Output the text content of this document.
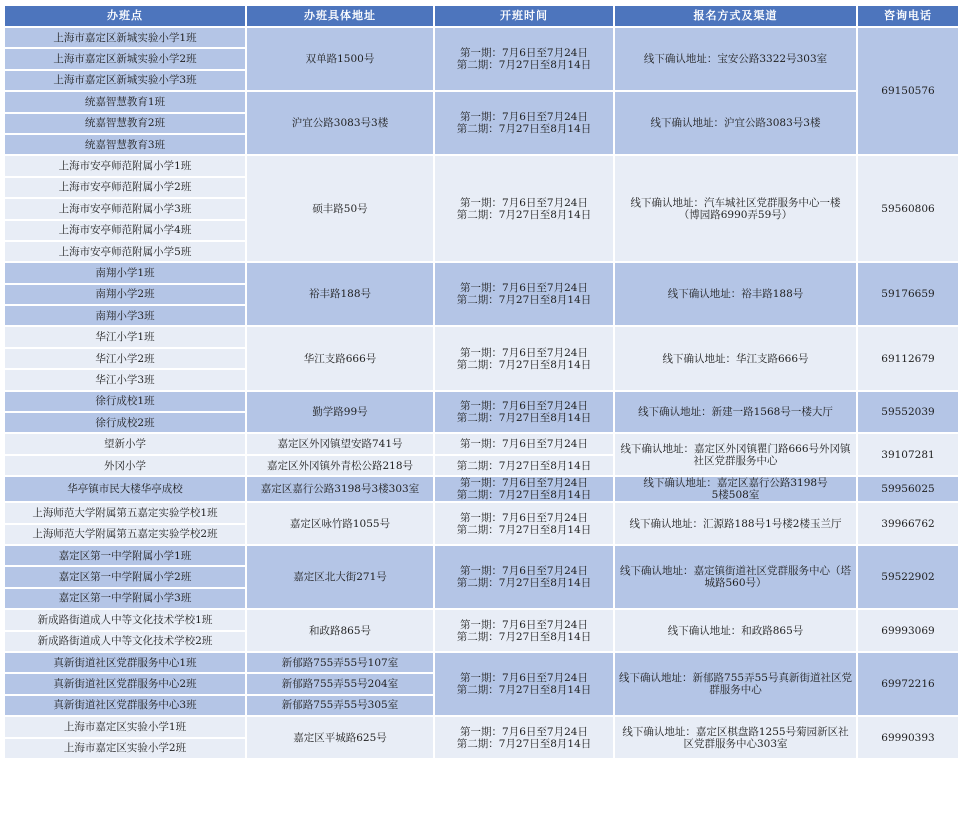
办班点	办班具体地址	开班时间	报名方式及渠道	咨询电话
上海市嘉定区新城实验小学1班	双单路1500号	第一期：7月6日至7月24日
第二期：7月27日至8月14日	线下确认地址：宝安公路3322号303室	69150576
上海市嘉定区新城实验小学2班				
上海市嘉定区新城实验小学3班				
统嘉智慧教育1班	沪宜公路3083号3楼	第一期：7月6日至7月24日
第二期：7月27日至8月14日	线下确认地址：沪宜公路3083号3楼	
统嘉智慧教育2班				
统嘉智慧教育3班				
上海市安亭师范附属小学1班	硕丰路50号	第一期：7月6日至7月24日
第二期：7月27日至8月14日	线下确认地址：汽车城社区党群服务中心一楼
（博园路6990弄59号）	59560806
上海市安亭师范附属小学2班				
上海市安亭师范附属小学3班				
上海市安亭师范附属小学4班				
上海市安亭师范附属小学5班				
南翔小学1班	裕丰路188号	第一期：7月6日至7月24日
第二期：7月27日至8月14日	线下确认地址：裕丰路188号	59176659
南翔小学2班				
南翔小学3班				
华江小学1班	华江支路666号	第一期：7月6日至7月24日
第二期：7月27日至8月14日	线下确认地址：华江支路666号	69112679
华江小学2班				
华江小学3班				
徐行成校1班	勤学路99号	第一期：7月6日至7月24日
第二期：7月27日至8月14日	线下确认地址：新建一路1568号一楼大厅	59552039
徐行成校2班				
望新小学	嘉定区外冈镇望安路741号	第一期：7月6日至7月24日	线下确认地址：嘉定区外冈镇瞿门路666号外冈镇社区党群服务中心	39107281
外冈小学	嘉定区外冈镇外青松公路218号	第二期：7月27日至8月14日		
华亭镇市民大楼华亭成校	嘉定区嘉行公路3198号3楼303室	第一期：7月6日至7月24日
第二期：7月27日至8月14日	线下确认地址：嘉定区嘉行公路3198号
5楼508室	59956025

上海师范大学附属第五嘉定实验学校1班	嘉定区咏竹路1055号	第一期：7月6日至7月24日
第二期：7月27日至8月14日	线下确认地址：汇源路188号1号楼2楼玉兰厅	39966762
上海师范大学附属第五嘉定实验学校2班				
嘉定区第一中学附属小学1班	嘉定区北大街271号	第一期：7月6日至7月24日
第二期：7月27日至8月14日	线下确认地址：嘉定镇街道社区党群服务中心（塔城路560号）	59522902
嘉定区第一中学附属小学2班				
嘉定区第一中学附属小学3班				
新成路街道成人中等文化技术学校1班	和政路865号	第一期：7月6日至7月24日
第二期：7月27日至8月14日	线下确认地址：和政路865号	69993069
新成路街道成人中等文化技术学校2班				
真新街道社区党群服务中心1班	新郁路755弄55号107室	第一期：7月6日至7月24日
第二期：7月27日至8月14日	线下确认地址：新郁路755弄55号真新街道社区党群服务中心	69972216
真新街道社区党群服务中心2班	新郁路755弄55号204室			
真新街道社区党群服务中心3班	新郁路755弄55号305室			
上海市嘉定区实验小学1班	嘉定区平城路625号	第一期：7月6日至7月24日
第二期：7月27日至8月14日	线下确认地址：嘉定区棋盘路1255号菊园新区社区党群服务中心303室	69990393
上海市嘉定区实验小学2班				
